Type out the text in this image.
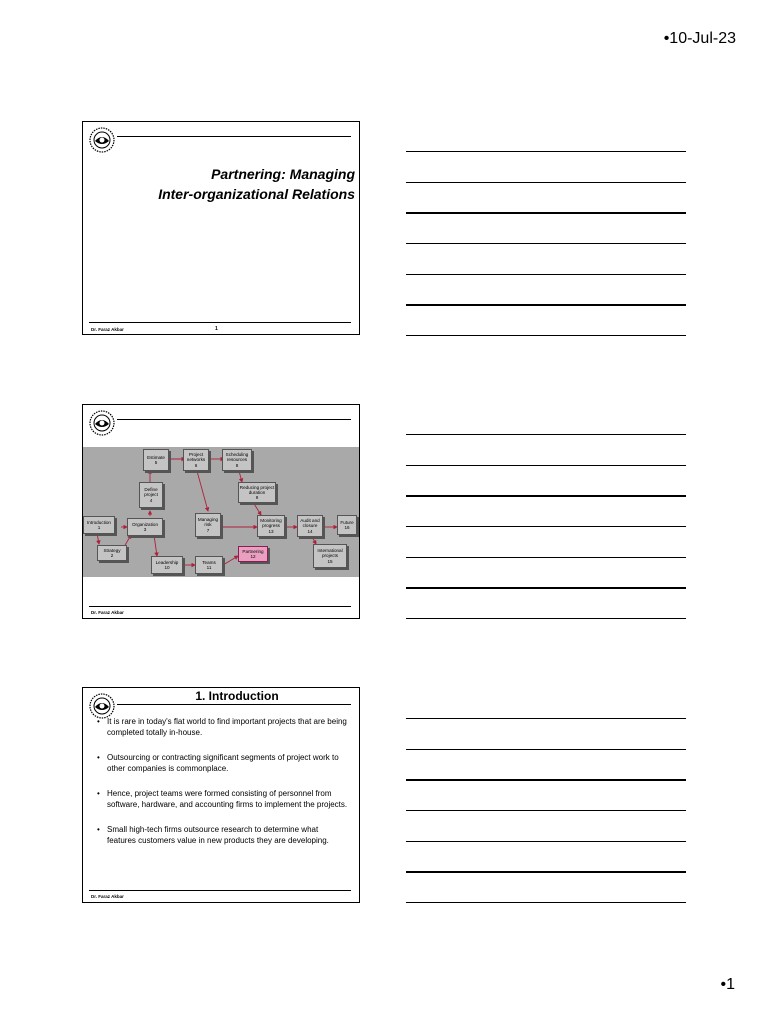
•10-Jul-23
Partnering: Managing
Inter-organizational Relations
Dr. Faraz Akbar	1
Estimate
5
Project networks
6
Scheduling resources
8
Define project
4
Reducing project duration
9
Introduction
1
Organization
3
Managing risk
7
Monitoring progress
13
Audit and closure
14
Future
16
Strategy
2
Partnering
12
International projects
15
Leadership
10
Teams
11
Dr. Faraz Akbar
1. Introduction
• It is rare in today's flat world to find important projects that are being completed totally in-house.
• Outsourcing or contracting significant segments of project work to other companies is commonplace.
• Hence, project teams were formed consisting of personnel from software, hardware, and accounting firms to implement the projects.
• Small high-tech firms outsource research to determine what features customers value in new products they are developing.
Dr. Faraz Akbar
•1
